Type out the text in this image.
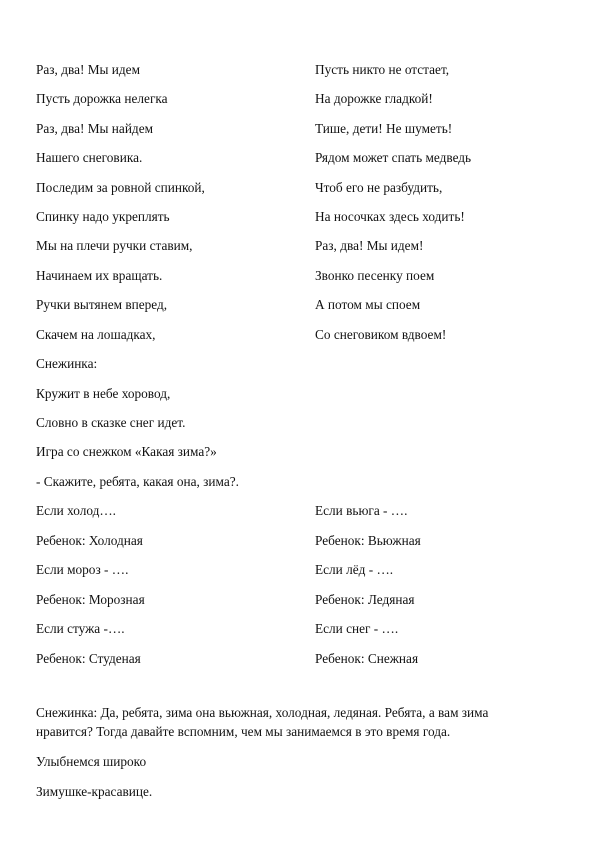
Раз, два! Мы идем
Пусть дорожка нелегка
Раз, два! Мы найдем
Нашего снеговика.
Последим за ровной спинкой,
Спинку надо укреплять
Мы на плечи ручки ставим,
Начинаем их вращать.
Ручки вытянем вперед,
Скачем на лошадках,
Пусть никто не отстает,
На дорожке гладкой!
Тише, дети! Не шуметь!
Рядом может спать медведь
Чтоб его не разбудить,
На носочках здесь ходить!
Раз, два! Мы идем!
Звонко песенку поем
А потом мы споем
Со снеговиком вдвоем!
Снежинка:
Кружит в небе хоровод,
Словно в сказке снег идет.
Игра со снежком «Какая зима?»
- Скажите, ребята, какая она, зима?.
Если холод….
Ребенок: Холодная
Если мороз - ….
Ребенок: Морозная
Если стужа -….
Ребенок: Студеная
Если вьюга - ….
Ребенок: Вьюжная
Если лёд - ….
Ребенок: Ледяная
Если снег - ….
Ребенок: Снежная
Снежинка: Да, ребята, зима она вьюжная, холодная, ледяная. Ребята, а вам зима нравится? Тогда давайте вспомним, чем мы занимаемся в это время года.
Улыбнемся широко
Зимушке-красавице.
